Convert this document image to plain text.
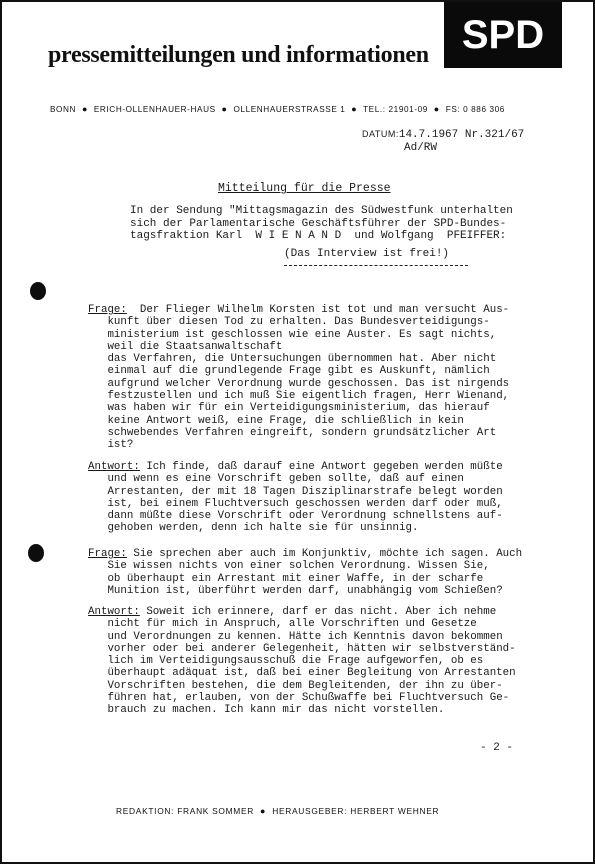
SPD
pressemitteilungen und informationen
BONN ● ERICH-OLLENHAUER-HAUS ● OLLENHAUERSTRASSE 1 ● TEL.: 21901-09 ● FS: 0 886 306
DATUM:14.7.1967 Nr.321/67
Ad/RW
Mitteilung für die Presse
In der Sendung "Mittagsmagazin des Südwestfunk unterhalten
sich der Parlamentarische Geschäftsführer der SPD-Bundes-
tagsfraktion Karl  W I E N A N D  und Wolfgang  PFEIFFER:
(Das Interview ist frei!)
Frage:  Der Flieger Wilhelm Korsten ist tot und man versucht Aus-
kunft über diesen Tod zu erhalten. Das Bundesverteidigungs-
ministerium ist geschlossen wie eine Auster. Es sagt nichts,
weil die Staatsanwaltschaft
das Verfahren, die Untersuchungen übernommen hat. Aber nicht
einmal auf die grundlegende Frage gibt es Auskunft, nämlich
aufgrund welcher Verordnung wurde geschossen. Das ist nirgends
festzustellen und ich muß Sie eigentlich fragen, Herr Wienand,
was haben wir für ein Verteidigungsministerium, das hierauf
keine Antwort weiß, eine Frage, die schließlich in kein
schwebendes Verfahren eingreift, sondern grundsätzlicher Art
ist?
Antwort: Ich finde, daß darauf eine Antwort gegeben werden müßte
und wenn es eine Vorschrift geben sollte, daß auf einen
Arrestanten, der mit 18 Tagen Disziplinarstrafe belegt worden
ist, bei einem Fluchtversuch geschossen werden darf oder muß,
dann müßte diese Vorschrift oder Verordnung schnellstens auf-
gehoben werden, denn ich halte sie für unsinnig.
Frage: Sie sprechen aber auch im Konjunktiv, möchte ich sagen. Auch
Sie wissen nichts von einer solchen Verordnung. Wissen Sie,
ob überhaupt ein Arrestant mit einer Waffe, in der scharfe
Munition ist, überführt werden darf, unabhängig vom Schießen?
Antwort: Soweit ich erinnere, darf er das nicht. Aber ich nehme
nicht für mich in Anspruch, alle Vorschriften und Gesetze
und Verordnungen zu kennen. Hätte ich Kenntnis davon bekommen
vorher oder bei anderer Gelegenheit, hätten wir selbstverständ-
lich im Verteidigungsausschuß die Frage aufgeworfen, ob es
überhaupt adäquat ist, daß bei einer Begleitung von Arrestanten
Vorschriften bestehen, die dem Begleitenden, der ihn zu über-
führen hat, erlauben, von der Schußwaffe bei Fluchtversuch Ge-
brauch zu machen. Ich kann mir das nicht vorstellen.
- 2 -
REDAKTION: FRANK SOMMER ● HERAUSGEBER: HERBERT WEHNER
